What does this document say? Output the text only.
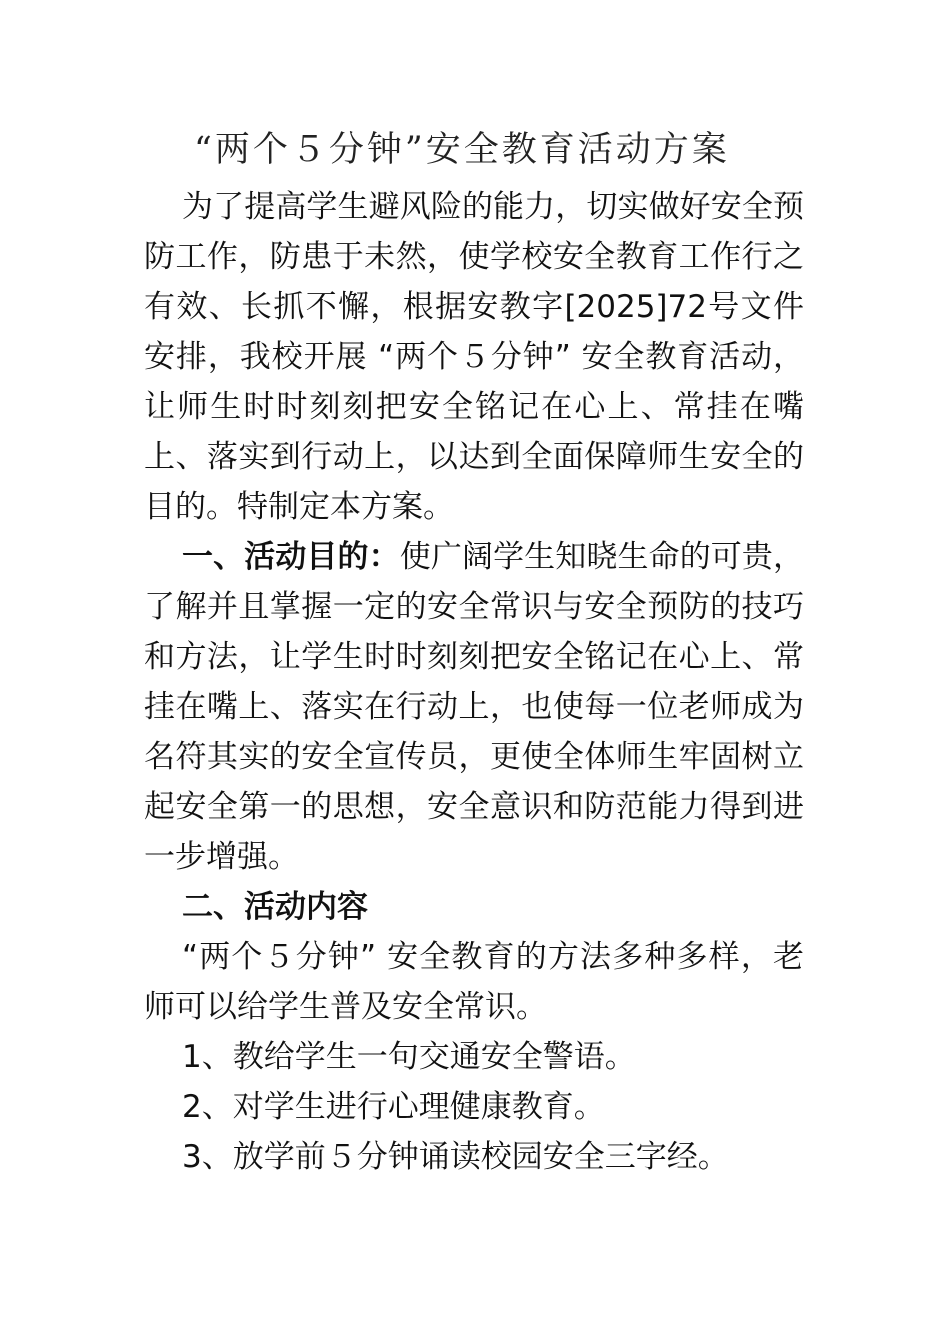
“两个５分钟”安全教育活动方案

为了提高学生避风险的能力，切实做好安全预防工作，防患于未然，使学校安全教育工作行之有效、长抓不懈，根据安教字[2025]72号文件安排，我校开展 “两个５分钟” 安全教育活动，让师生时时刻刻把安全铭记在心上、常挂在嘴上、落实到行动上，以达到全面保障师生安全的目的。特制定本方案。

一、活动目的：使广阔学生知晓生命的可贵，了解并且掌握一定的安全常识与安全预防的技巧和方法，让学生时时刻刻把安全铭记在心上、常挂在嘴上、落实在行动上，也使每一位老师成为名符其实的安全宣传员，更使全体师生牢固树立起安全第一的思想，安全意识和防范能力得到进一步增强。

二、活动内容

“两个５分钟” 安全教育的方法多种多样，老师可以给学生普及安全常识。

1、教给学生一句交通安全警语。

2、对学生进行心理健康教育。

3、放学前５分钟诵读校园安全三字经。
